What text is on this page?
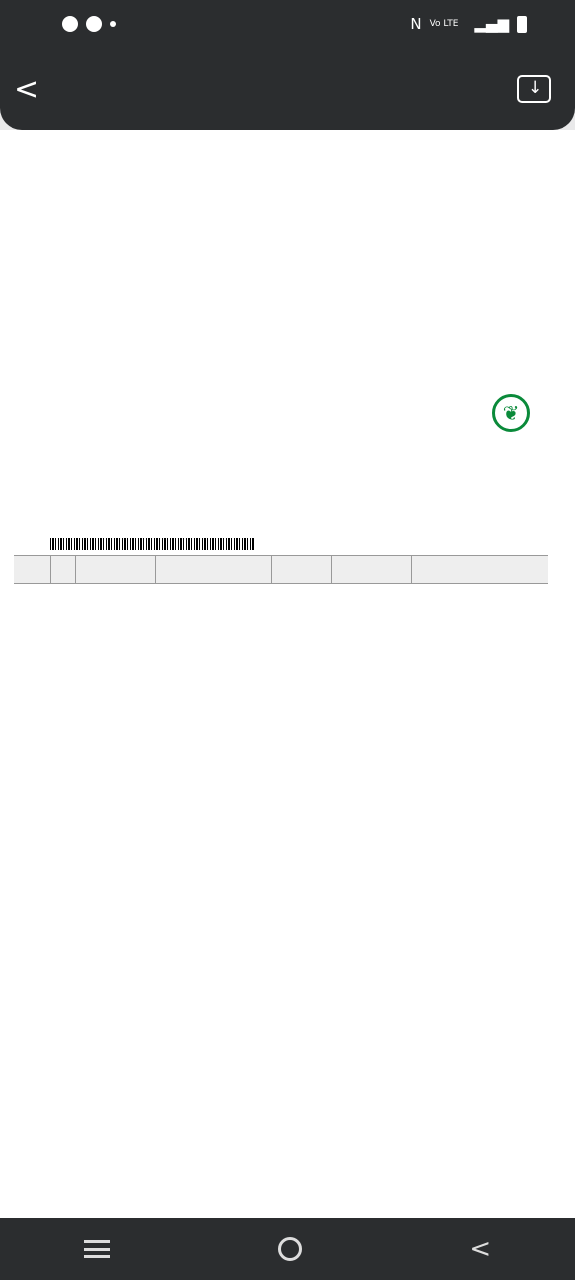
N Vo LTE ▂▄▆
<
↓
❦

<
